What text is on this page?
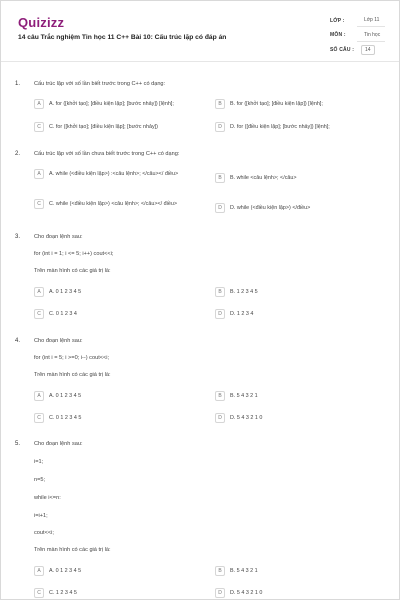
Quizizz
14 câu Trắc nghiệm Tin học 11 C++ Bài 10: Cấu trúc lặp có đáp án
LỚP :	Lớp 11
MÔN :	Tin học
SỐ CÂU :	14
1. Cấu trúc lặp với số lần biết trước trong C++ có dạng:
A	A. for ([khởi tạo]; [điều kiện lặp]; [bước nhảy]) [lệnh];	B	B. for ([khởi tạo]; [điều kiện lặp]) [lệnh];
C	C. for ([khởi tạo]; [điều kiện lặp]; [bước nhảy])	D	D. for ([điều kiện lặp]; [bước nhảy]) [lệnh];
2. Cấu trúc lặp với số lần chưa biết trước trong C++ có dạng:
A	A. while (<điều kiện lặp>) :<câu lệnh>; </câu></ điều>
B	B. while <câu lệnh>; </câu>
C	C. while (<điều kiện lặp>) <câu lệnh>; </câu></ điều>
D	D. while (<điều kiện lặp>) </điều>
3. Cho đoạn lệnh sau:
for (int i = 1; i <= 5; i++) cout<<i;
Trên màn hình có các giá trị là:
A	A. 0 1 2 3 4 5	B	B. 1 2 3 4 5
C	C. 0 1 2 3 4	D	D. 1 2 3 4
4. Cho đoạn lệnh sau:
for (int i = 5; i >=0; i--) cout<<i;
Trên màn hình có các giá trị là:
A	A. 0 1 2 3 4 5	B	B. 5 4 3 2 1
C	C. 0 1 2 3 4 5	D	D. 5 4 3 2 1 0
5. Cho đoạn lệnh sau:
i=1;
n=5;
while i<=n:
i=i+1;
cout<<i;
Trên màn hình có các giá trị là:
A	A. 0 1 2 3 4 5	B	B. 5 4 3 2 1
C	C. 1 2 3 4 5	D	D. 5 4 3 2 1 0
